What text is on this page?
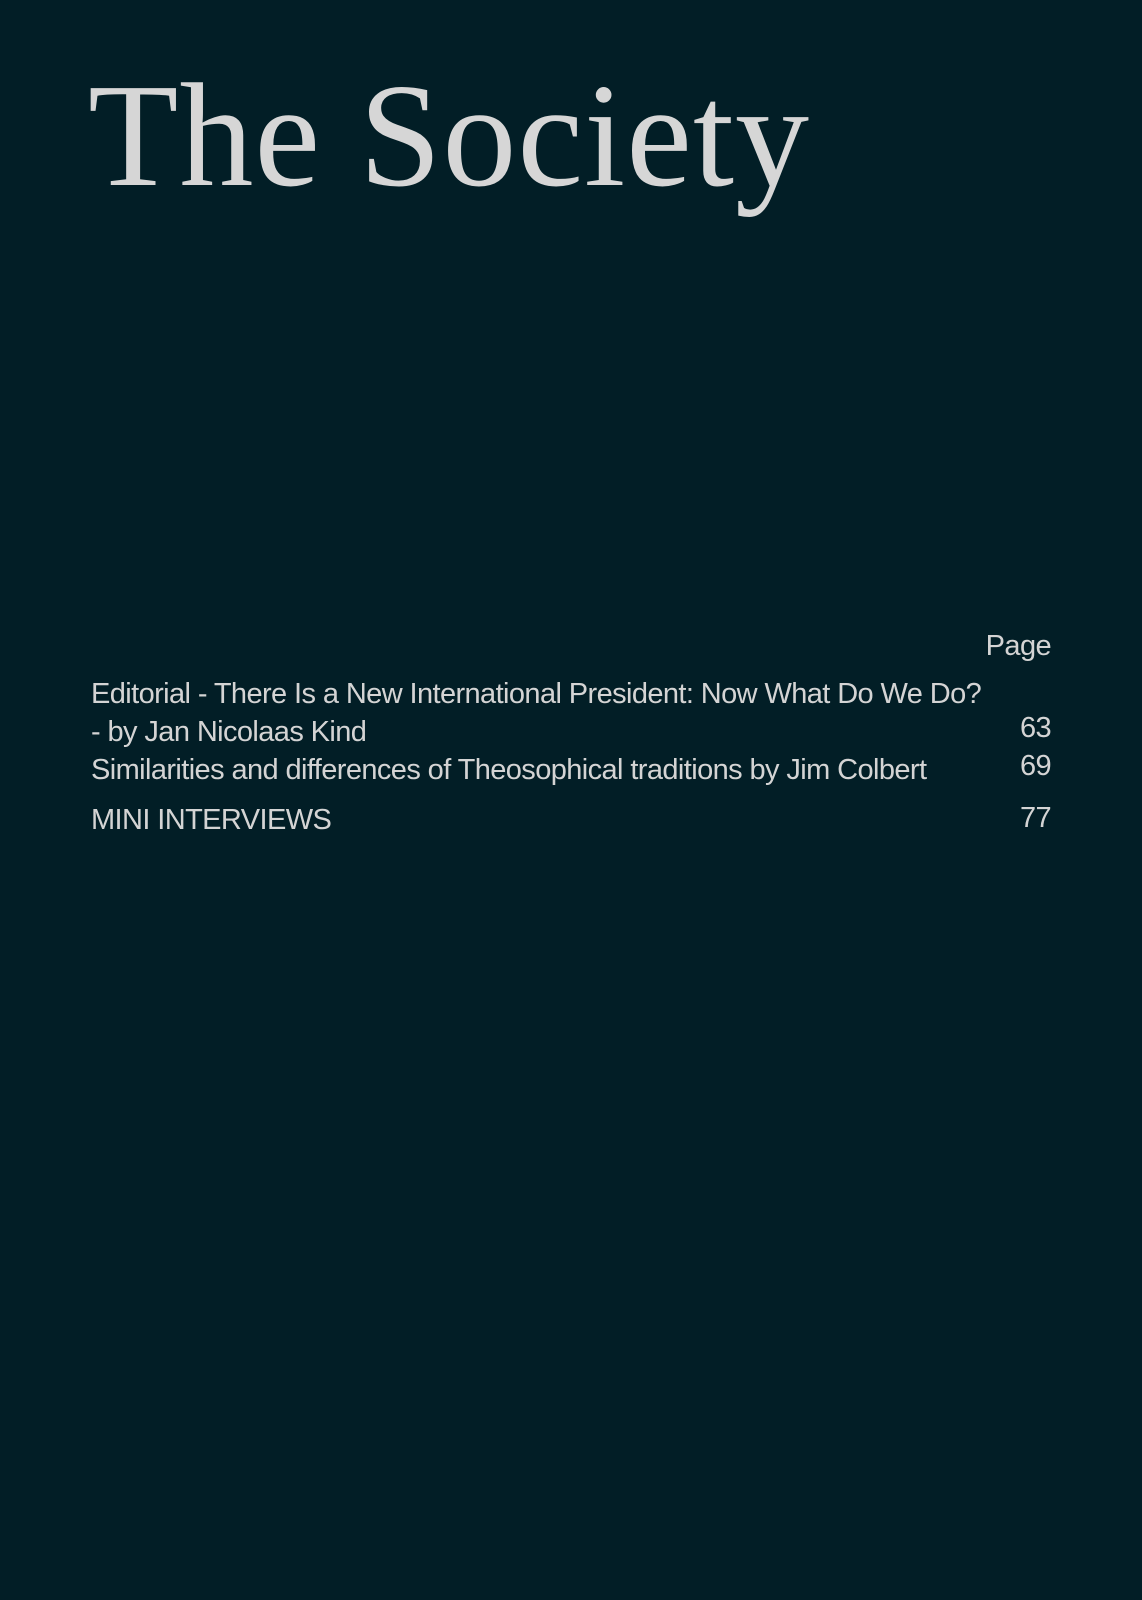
The Society
Page
Editorial - There Is a New International President: Now What Do We Do?
- by Jan Nicolaas Kind	63
Similarities and differences of Theosophical traditions by Jim Colbert	69
MINI INTERVIEWS	77
